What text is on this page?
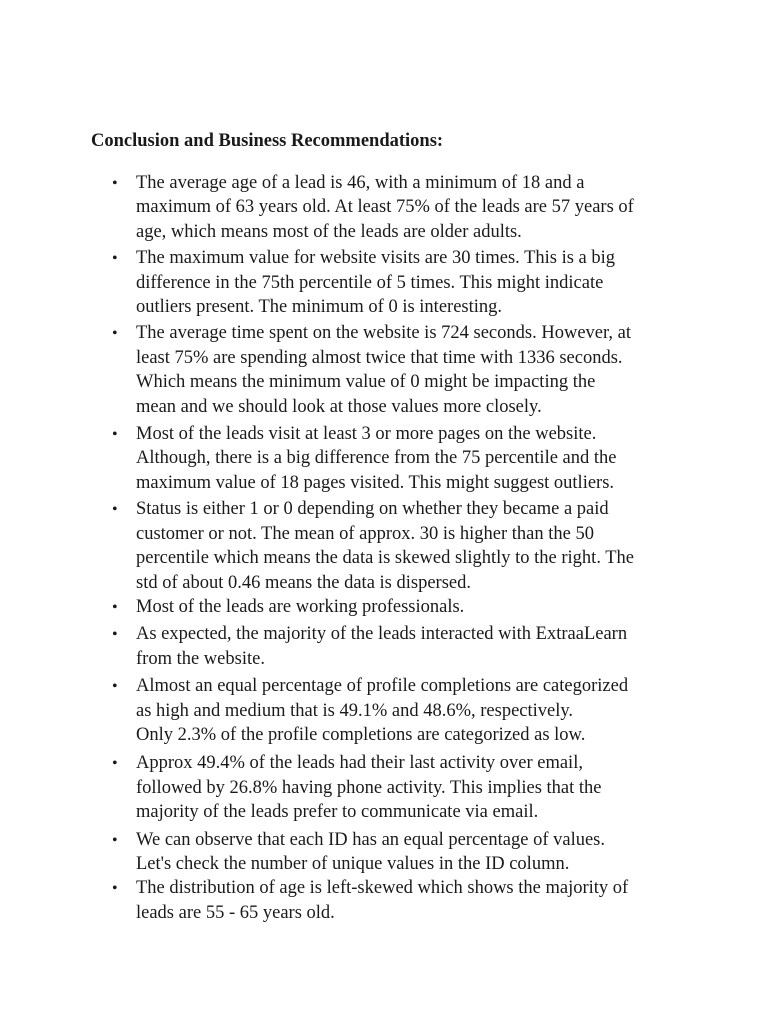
Conclusion and Business Recommendations:
• The average age of a lead is 46, with a minimum of 18 and a
maximum of 63 years old. At least 75% of the leads are 57 years of
age, which means most of the leads are older adults.
• The maximum value for website visits are 30 times. This is a big
difference in the 75th percentile of 5 times. This might indicate
outliers present. The minimum of 0 is interesting.
• The average time spent on the website is 724 seconds. However, at
least 75% are spending almost twice that time with 1336 seconds.
Which means the minimum value of 0 might be impacting the
mean and we should look at those values more closely.
• Most of the leads visit at least 3 or more pages on the website.
Although, there is a big difference from the 75 percentile and the
maximum value of 18 pages visited. This might suggest outliers.
• Status is either 1 or 0 depending on whether they became a paid
customer or not. The mean of approx. 30 is higher than the 50
percentile which means the data is skewed slightly to the right. The
std of about 0.46 means the data is dispersed.
• Most of the leads are working professionals.
• As expected, the majority of the leads interacted with ExtraaLearn
from the website.
• Almost an equal percentage of profile completions are categorized
as high and medium that is 49.1% and 48.6%, respectively.
Only 2.3% of the profile completions are categorized as low.
• Approx 49.4% of the leads had their last activity over email,
followed by 26.8% having phone activity. This implies that the
majority of the leads prefer to communicate via email.
• We can observe that each ID has an equal percentage of values.
Let's check the number of unique values in the ID column.
• The distribution of age is left-skewed which shows the majority of
leads are 55 - 65 years old.
